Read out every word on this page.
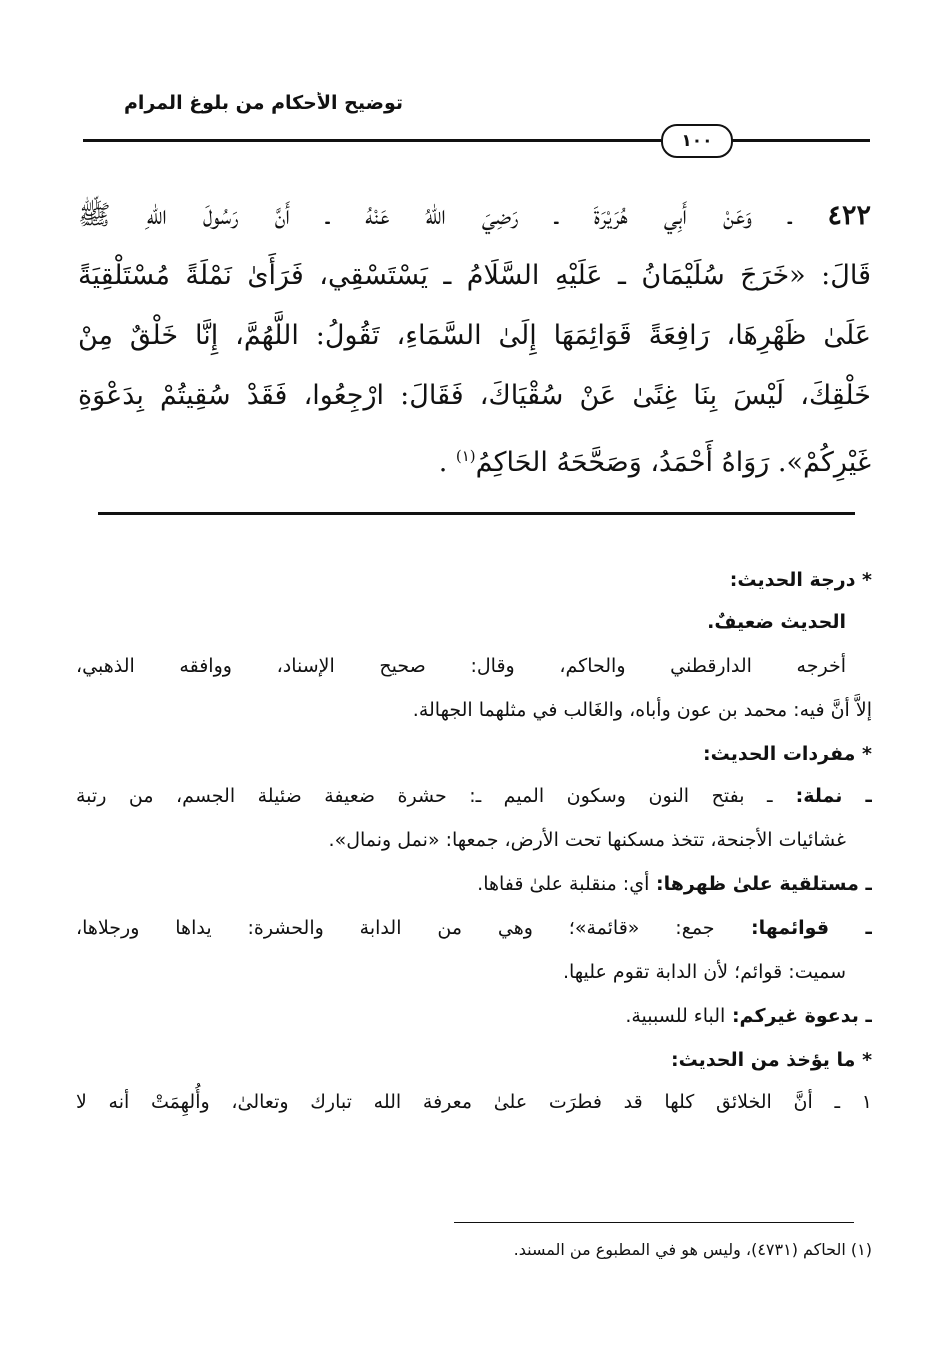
توضيح الأحكام من بلوغ المرام
١٠٠
٤٢٢ ـ وَعَنْ أَبِي هُرَيْرَةَ ـ رَضِيَ اللهُ عَنْهُ ـ أَنَّ رَسُولَ اللهِ ﷺ
قَالَ: «خَرَجَ سُلَيْمَانُ ـ عَلَيْهِ السَّلَامُ ـ يَسْتَسْقِي، فَرَأَىٰ نَمْلَةً مُسْتَلْقِيَةً
عَلَىٰ ظَهْرِهَا، رَافِعَةً قَوَائِمَهَا إِلَىٰ السَّمَاءِ، تَقُولُ: اللَّهُمَّ، إِنَّا خَلْقٌ مِنْ
خَلْقِكَ، لَيْسَ بِنَا غِنًىٰ عَنْ سُقْيَاكَ، فَقَالَ: ارْجِعُوا، فَقَدْ سُقِيتُمْ بِدَعْوَةِ
غَيْرِكُمْ». رَوَاهُ أَحْمَدُ، وَصَحَّحَهُ الحَاكِمُ$^{(١)}$ .
* درجة الحديث:
الحديث ضعيفٌ.
أخرجه الدارقطني والحاكم، وقال: صحيح الإسناد، ووافقه الذهبي،
إلاَّ أنَّ فيه: محمد بن عون وأباه، والغَالب في مثلهما الجهالة.
* مفردات الحديث:
ـ نملة: ـ بفتح النون وسكون الميم ـ: حشرة ضعيفة ضئيلة الجسم، من رتبة
غشائيات الأجنحة، تتخذ مسكنها تحت الأرض، جمعها: «نمل ونمال».
ـ مستلقية علىٰ ظهرها: أي: منقلبة علىٰ قفاها.
ـ قوائمها: جمع: «قائمة»؛ وهي من الدابة والحشرة: يداها ورجلاها،
سميت: قوائم؛ لأن الدابة تقوم عليها.
ـ بدعوة غيركم: الباء للسببية.
* ما يؤخذ من الحديث:
١ ـ أنَّ الخلائق كلها قد فطرَت علىٰ معرفة الله تبارك وتعالىٰ، وأُلهِمَتْ أنه لا
(١) الحاكم (٤٧٣١)، وليس هو في المطبوع من المسند.
